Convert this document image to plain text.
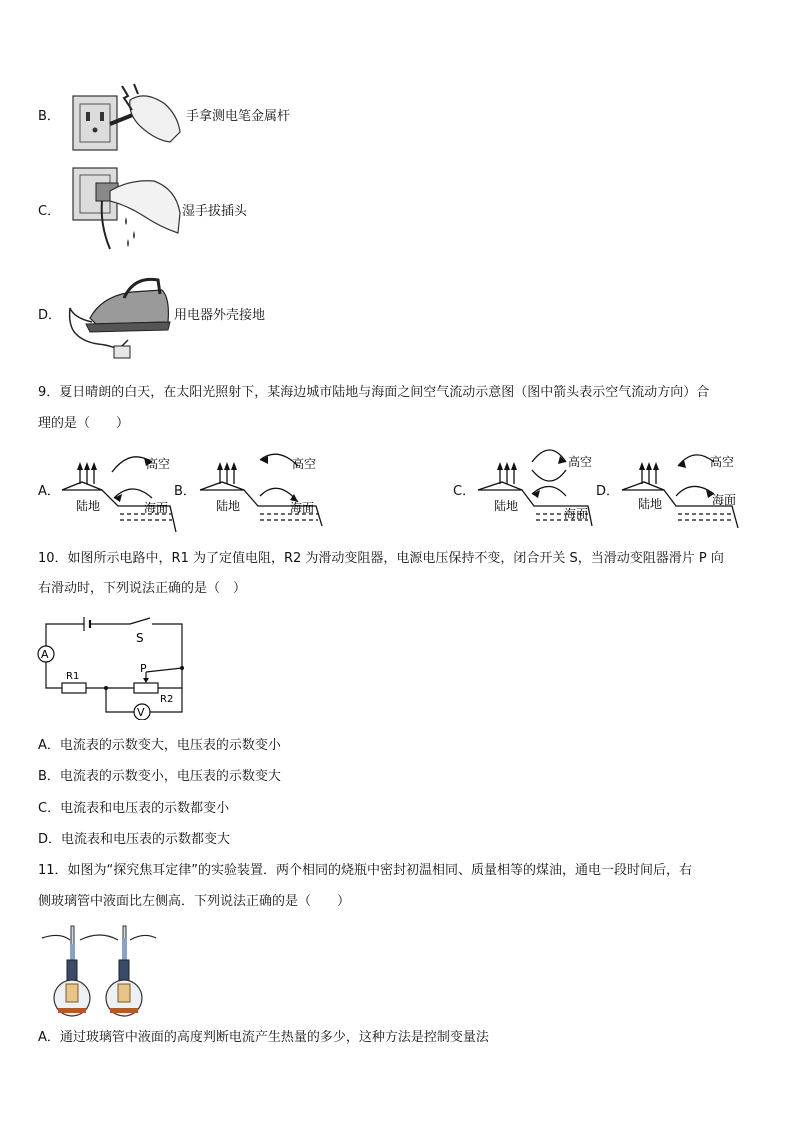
B．	手拿测电笔金属杆
C．	湿手拔插头
D．	用电器外壳接地
9．夏日晴朗的白天，在太阳光照射下，某海边城市陆地与海面之间空气流动示意图（图中箭头表示空气流动方向）合
理的是（　　）
A．
高空
陆地	海面
B．
高空
陆地	海面
C．
高空
陆地
海面
D．
高空
陆地	海面
10．如图所示电路中，R1 为了定值电阻，R2 为滑动变阻器，电源电压保持不变，闭合开关 S，当滑动变阻器滑片 P 向
右滑动时，下列说法正确的是（　）
A
V
S
P
R1
R2
A．电流表的示数变大，电压表的示数变小
B．电流表的示数变小，电压表的示数变大
C．电流表和电压表的示数都变小
D．电流表和电压表的示数都变大
11．如图为“探究焦耳定律”的实验装置．两个相同的烧瓶中密封初温相同、质量相等的煤油，通电一段时间后，右
侧玻璃管中液面比左侧高．下列说法正确的是（　　）
A．通过玻璃管中液面的高度判断电流产生热量的多少，这种方法是控制变量法
